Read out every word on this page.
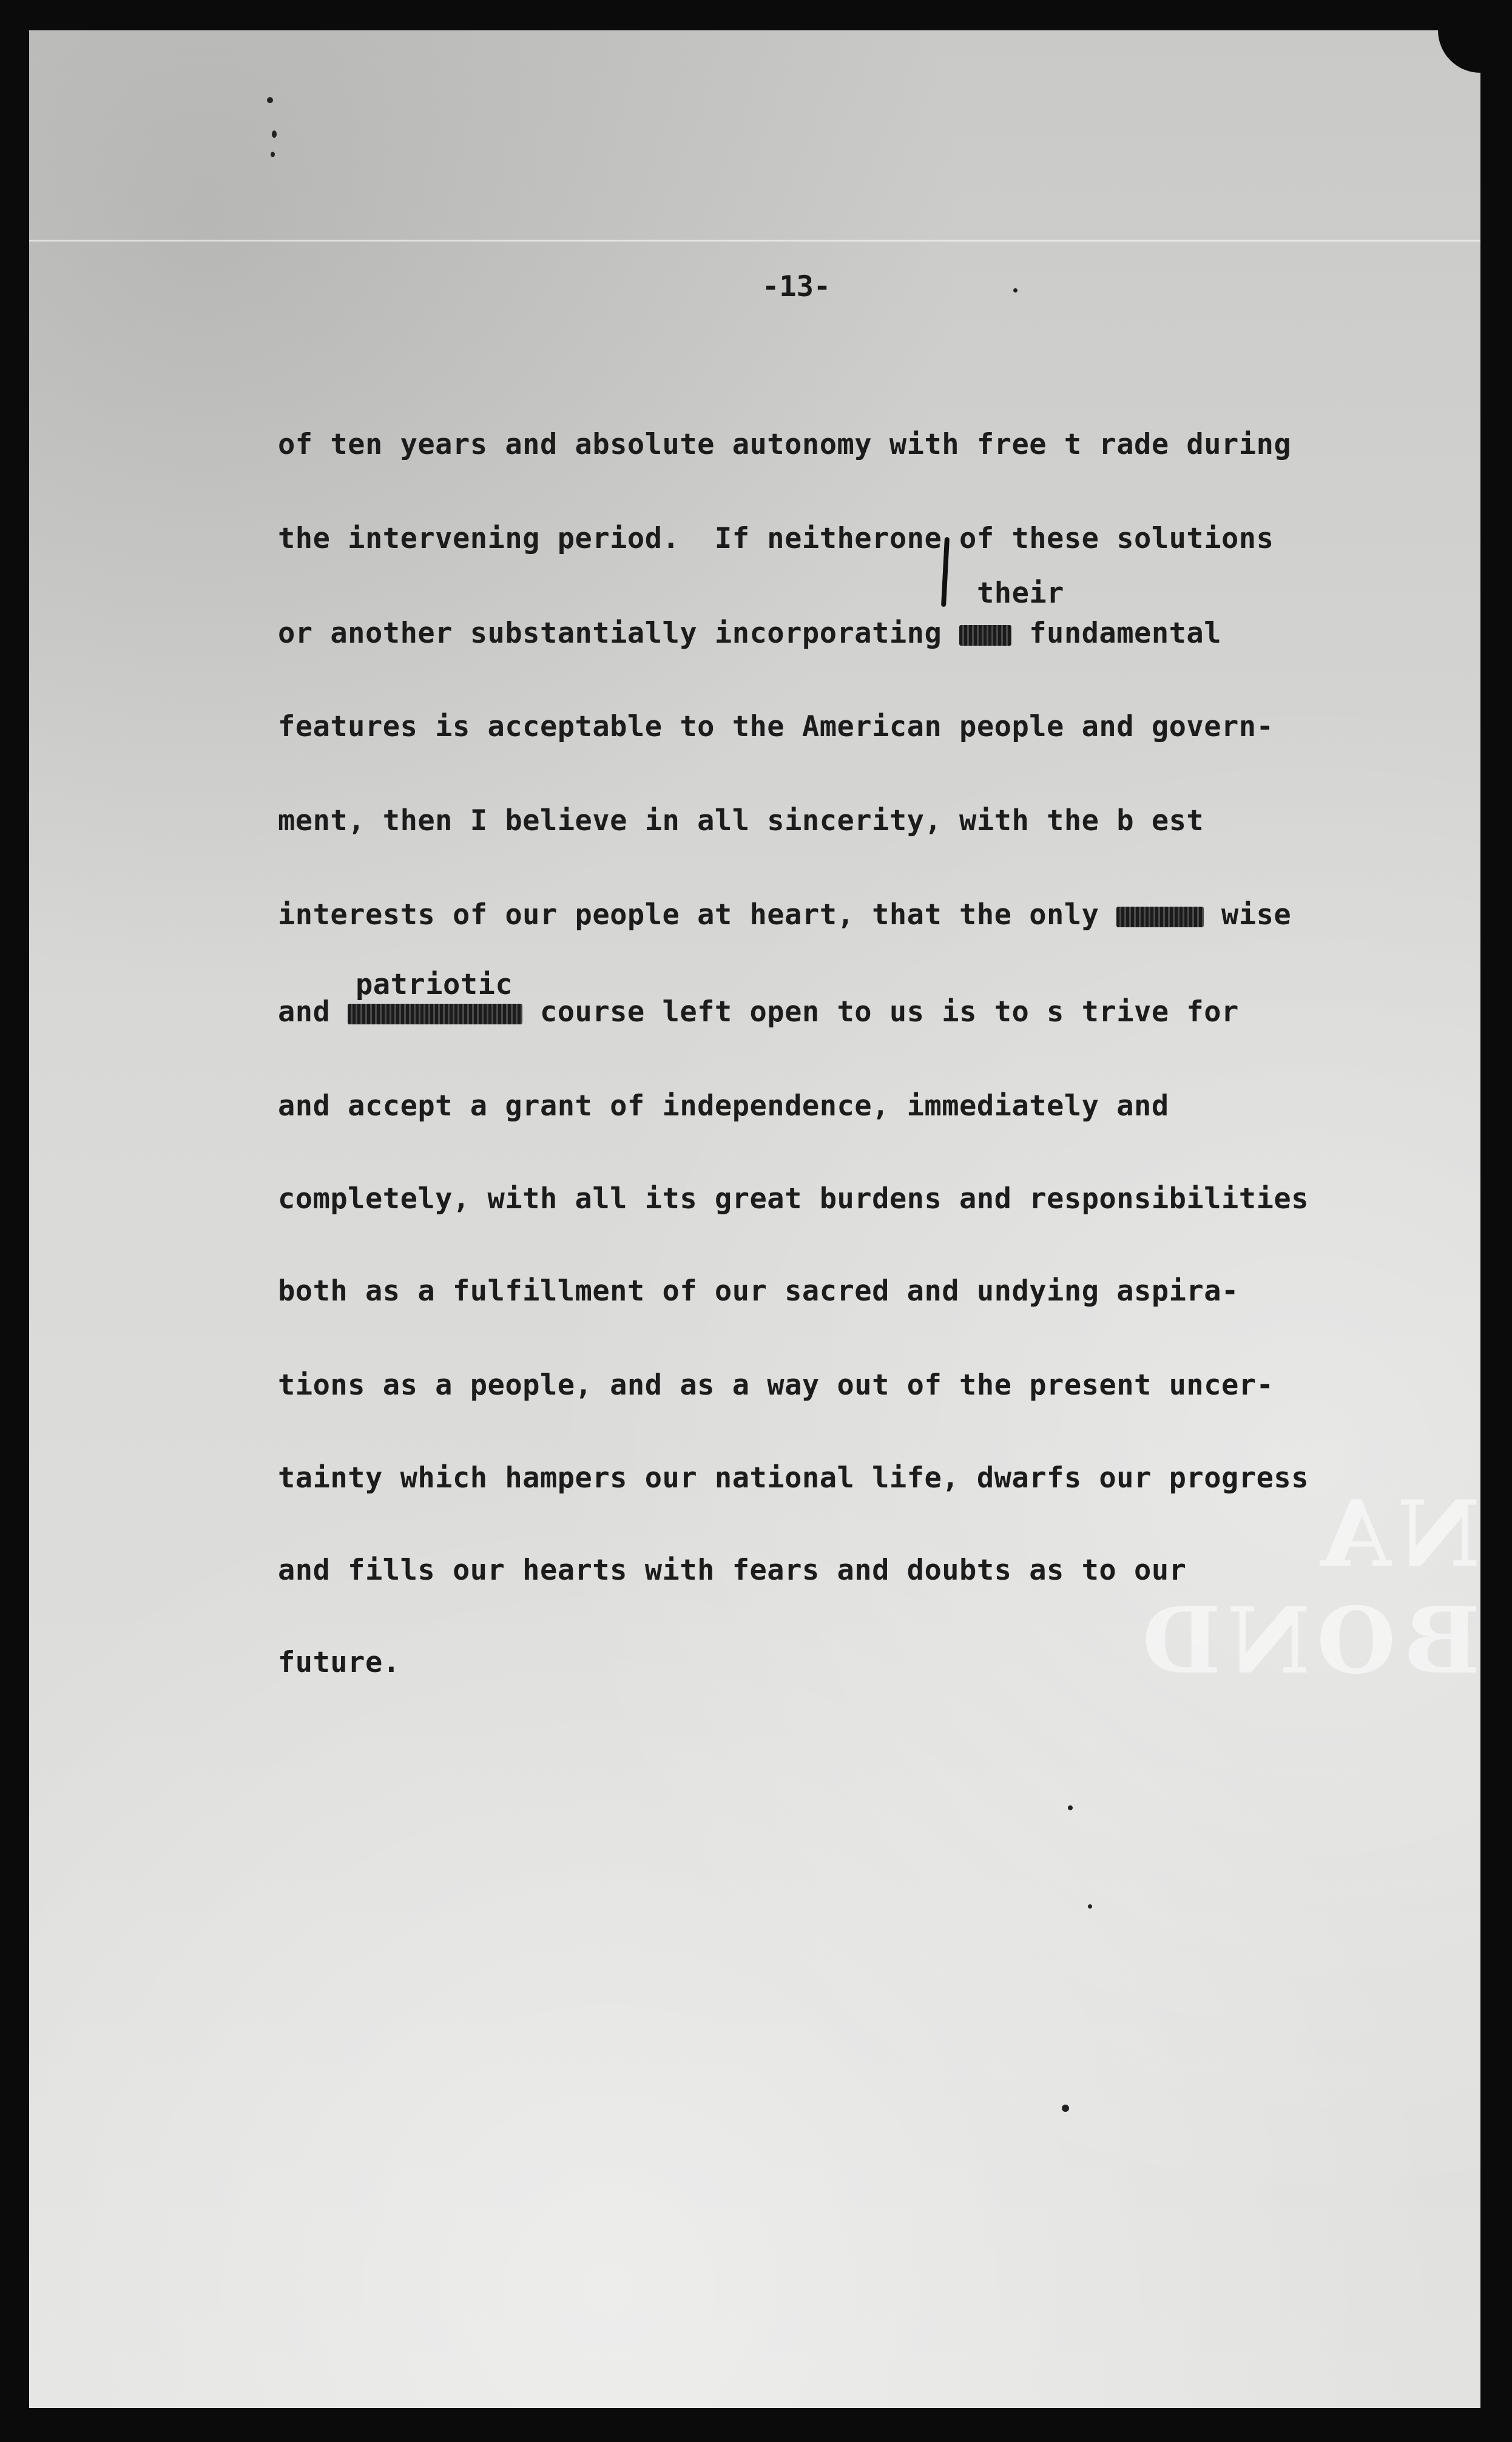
-13-
NA BOND
their
patriotic
of ten years and absolute autonomy with free t rade during
the intervening period.  If neitherone of these solutions
or another substantially incorporating  fundamental
features is acceptable to the American people and govern-
ment, then I believe in all sincerity, with the b est
interests of our people at heart, that the only	wise
and	course left open to us is to s trive for
and accept a grant of independence, immediately and
completely, with all its great burdens and responsibilities
both as a fulfillment of our sacred and undying aspira-
tions as a people, and as a way out of the present uncer-
tainty which hampers our national life, dwarfs our progress
and fills our hearts with fears and doubts as to our
future.
